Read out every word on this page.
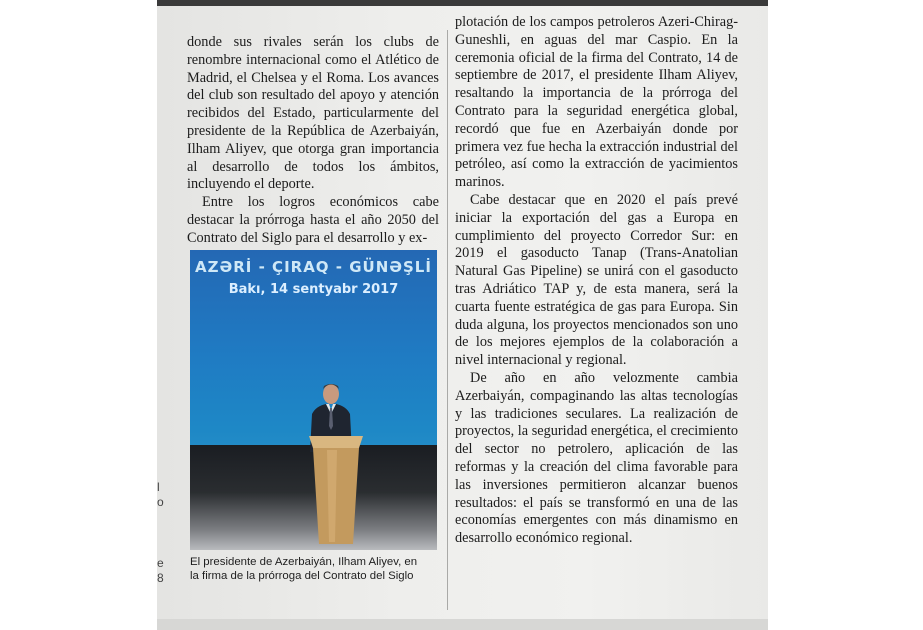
l
o
e
8

donde sus rivales serán los clubs de renombre internacional como el Atlético de Madrid, el Chelsea y el Roma. Los avances del club son resultado del apoyo y atención recibidos del Estado, particularmente del presidente de la República de Azerbaiyán, Ilham Aliyev, que otorga gran importancia al desarrollo de todos los ámbitos, incluyendo el deporte.

Entre los logros económicos cabe destacar la prórroga hasta el año 2050 del Contrato del Siglo para el desarrollo y ex-

AZƏRİ - ÇIRAQ - GÜNƏŞLİ
Bakı, 14 sentyabr 2017
El presidente de Azerbaiyán, Ilham Aliyev, en
la firma de la prórroga del Contrato del Siglo

plotación de los campos petroleros Azeri-Chirag-Guneshli, en aguas del mar Caspio. En la ceremonia oficial de la firma del Contrato, 14 de septiembre de 2017, el presidente Ilham Aliyev, resaltando la importancia de la prórroga del Contrato para la seguridad energética global, recordó que fue en Azerbaiyán donde por primera vez fue hecha la extracción industrial del petróleo, así como la extracción de yacimientos marinos.

Cabe destacar que en 2020 el país prevé iniciar la exportación del gas a Europa en cumplimiento del proyecto Corredor Sur: en 2019 el gasoducto Tanap (Trans-Anatolian Natural Gas Pipeline) se unirá con el gasoducto tras Adriático TAP y, de esta manera, será la cuarta fuente estratégica de gas para Europa. Sin duda alguna, los proyectos mencionados son uno de los mejores ejemplos de la colaboración a nivel internacional y regional.

De año en año velozmente cambia Azerbaiyán, compaginando las altas tecnologías y las tradiciones seculares. La realización de proyectos, la seguridad energética, el crecimiento del sector no petrolero, aplicación de las reformas y la creación del clima favorable para las inversiones permitieron alcanzar buenos resultados: el país se transformó en una de las economías emergentes con más dinamismo en desarrollo económico regional.
